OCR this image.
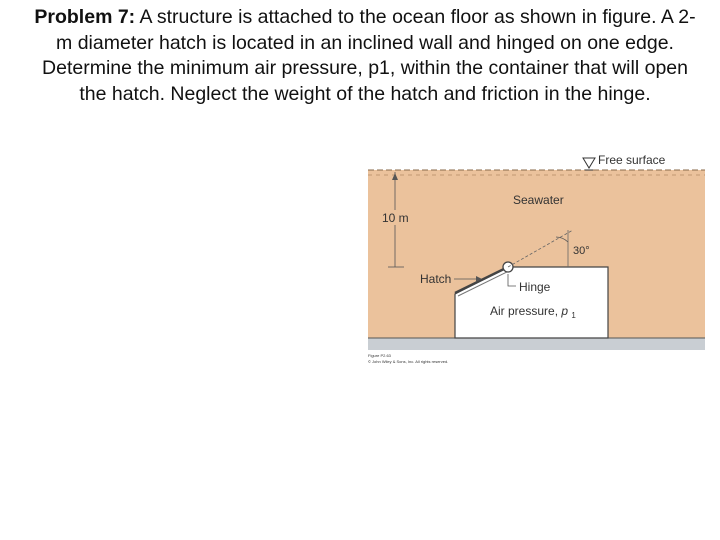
Problem 7: A structure is attached to the ocean floor as shown in figure. A 2-m diameter hatch is located in an inclined wall and hinged on one edge. Determine the minimum air pressure, p1, within the container that will open the hatch. Neglect the weight of the hatch and friction in the hinge.
Free surface
30°
10 m
Seawater
Hatch
Hinge
Air pressure, p $_1$
Figure P2.63
© John Wiley & Sons, Inc. All rights reserved.
